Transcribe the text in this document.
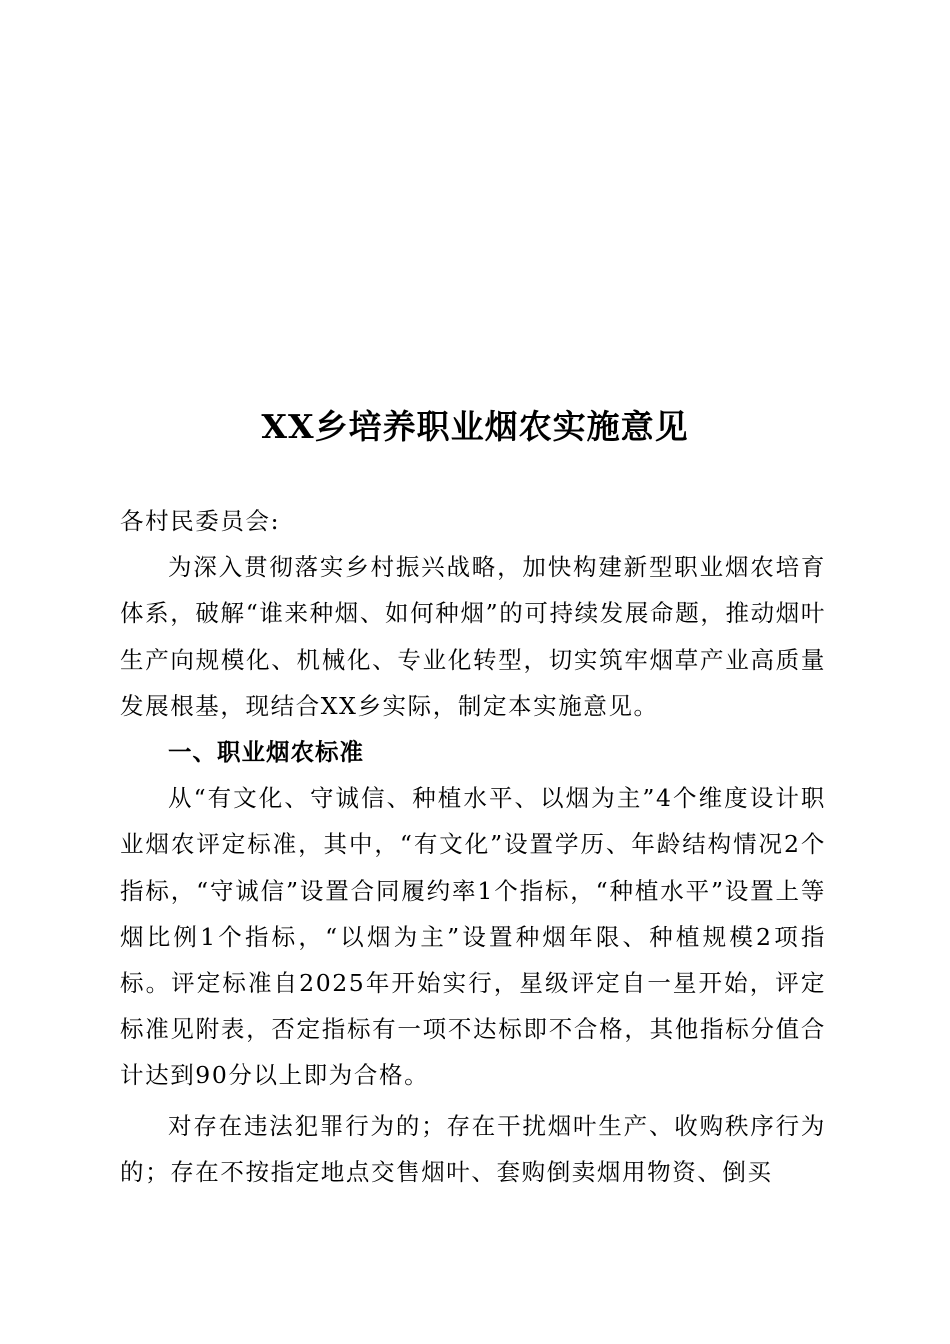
XX乡培养职业烟农实施意见

各村民委员会:

为深入贯彻落实乡村振兴战略，加快构建新型职业烟农培育体系，破解“谁来种烟、如何种烟”的可持续发展命题，推动烟叶生产向规模化、机械化、专业化转型，切实筑牢烟草产业高质量发展根基，现结合XX乡实际，制定本实施意见。

一、职业烟农标准

从“有文化、守诚信、种植水平、以烟为主”4个维度设计职业烟农评定标准，其中，“有文化”设置学历、年龄结构情况2个指标，“守诚信”设置合同履约率1个指标，“种植水平”设置上等烟比例1个指标，“以烟为主”设置种烟年限、种植规模2项指标。评定标准自2025年开始实行，星级评定自一星开始，评定标准见附表，否定指标有一项不达标即不合格，其他指标分值合计达到90分以上即为合格。

对存在违法犯罪行为的；存在干扰烟叶生产、收购秩序行为的；存在不按指定地点交售烟叶、套购倒卖烟用物资、倒买
